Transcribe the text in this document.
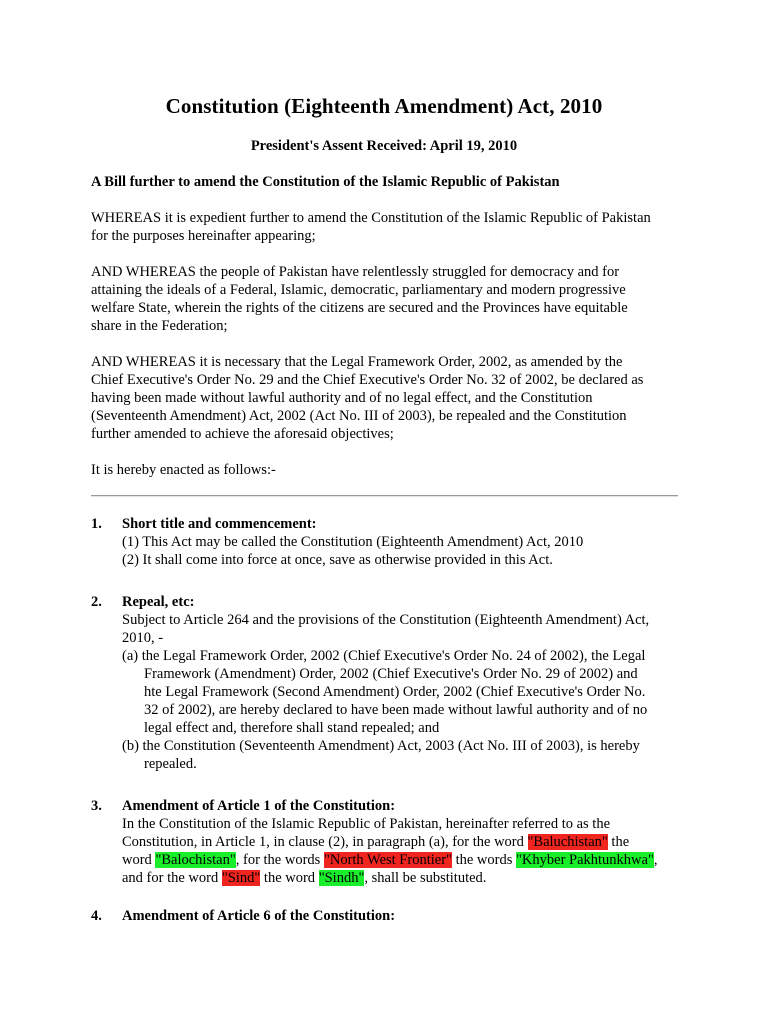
Constitution (Eighteenth Amendment) Act, 2010
President's Assent Received: April 19, 2010
A Bill further to amend the Constitution of the Islamic Republic of Pakistan
WHEREAS it is expedient further to amend the Constitution of the Islamic Republic of Pakistan
for the purposes hereinafter appearing;
AND WHEREAS the people of Pakistan have relentlessly struggled for democracy and for
attaining the ideals of a Federal, Islamic, democratic, parliamentary and modern progressive
welfare State, wherein the rights of the citizens are secured and the Provinces have equitable
share in the Federation;
AND WHEREAS it is necessary that the Legal Framework Order, 2002, as amended by the
Chief Executive's Order No. 29 and the Chief Executive's Order No. 32 of 2002, be declared as
having been made without lawful authority and of no legal effect, and the Constitution
(Seventeenth Amendment) Act, 2002 (Act No. III of 2003), be repealed and the Constitution
further amended to achieve the aforesaid objectives;
It is hereby enacted as follows:-
1. Short title and commencement:
(1) This Act may be called the Constitution (Eighteenth Amendment) Act, 2010
(2) It shall come into force at once, save as otherwise provided in this Act.
2. Repeal, etc:
Subject to Article 264 and the provisions of the Constitution (Eighteenth Amendment) Act,
2010, -
(a) the Legal Framework Order, 2002 (Chief Executive's Order No. 24 of 2002), the Legal
Framework (Amendment) Order, 2002 (Chief Executive's Order No. 29 of 2002) and
hte Legal Framework (Second Amendment) Order, 2002 (Chief Executive's Order No.
32 of 2002), are hereby declared to have been made without lawful authority and of no
legal effect and, therefore shall stand repealed; and
(b) the Constitution (Seventeenth Amendment) Act, 2003 (Act No. III of 2003), is hereby
repealed.
3. Amendment of Article 1 of the Constitution:
In the Constitution of the Islamic Republic of Pakistan, hereinafter referred to as the
Constitution, in Article 1, in clause (2), in paragraph (a), for the word "Baluchistan" the
word "Balochistan", for the words "North West Frontier" the words "Khyber Pakhtunkhwa",
and for the word "Sind" the word "Sindh", shall be substituted.
4. Amendment of Article 6 of the Constitution:
